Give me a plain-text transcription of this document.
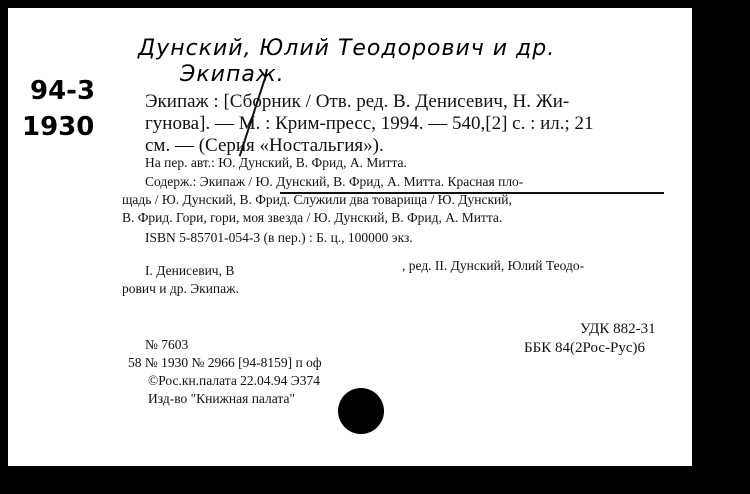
94-3
1930
Дунский, Юлий Теодорович и др.
Экипаж.
Экипаж : [Сборник / Отв. ред. В. Денисевич, Н. Жи-
гунова]. — М. : Крим-пресс, 1994. — 540,[2] с. : ил.; 21
см. — (Серия «Ностальгия»).
На пер. авт.: Ю. Дунский, В. Фрид, А. Митта.
Содерж.: Экипаж / Ю. Дунский, В. Фрид, А. Митта. Красная пло-
щадь / Ю. Дунский, В. Фрид. Служили два товарища / Ю. Дунский,
В. Фрид. Гори, гори, моя звезда / Ю. Дунский, В. Фрид, А. Митта.
ISBN 5-85701-054-3 (в пер.) : Б. ц., 100000 экз.
I. Денисевич, В	, ред. II. Дунский, Юлий Теодо-
рович и др. Экипаж.
№ 7603
58 № 1930 № 2966 [94-8159] п оф
©Рос.кн.палата 22.04.94 Э374
Изд-во "Книжная палата"
УДК 882-31
ББК 84(2Рос-Рус)6
